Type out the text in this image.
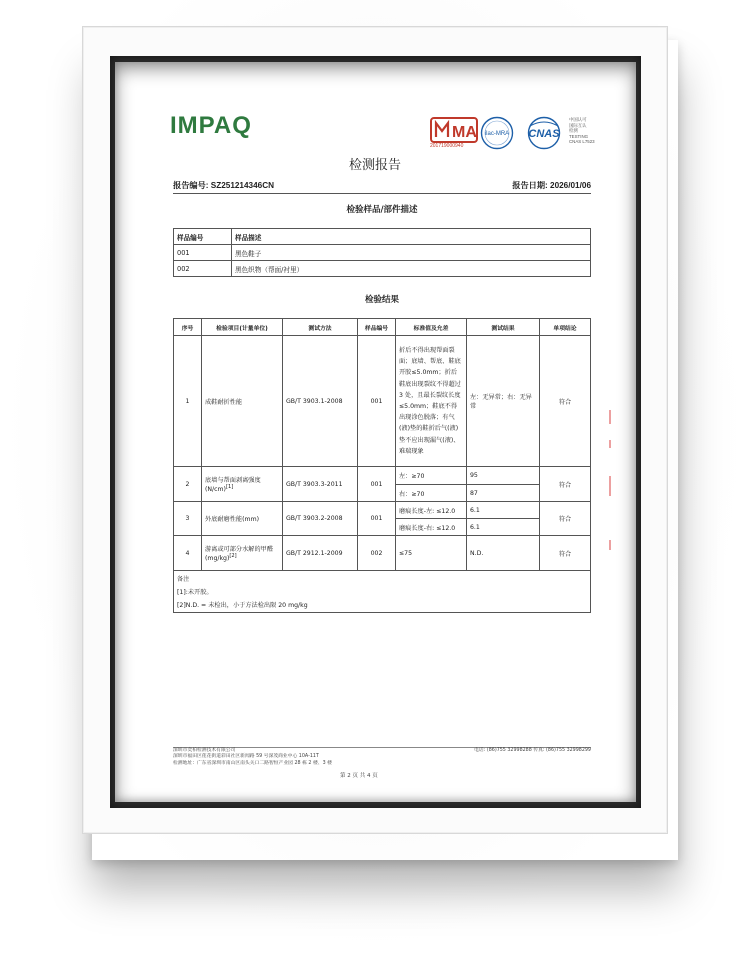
IMPAQ	MA
201719000940
ilac-MRA CNAS
中国认可
国际互认
检测
TESTING
CNAS L7523
检测报告
报告编号: SZ251214346CN	报告日期: 2026/01/06
检验样品/部件描述
样品编号	样品描述
001	黑色鞋子
002	黑色织物（帮面/衬里）
检验结果
序号	检验项目(计量单位)	测试方法	样品编号	标准值及允差	测试结果	单项结论
1	成鞋耐折性能	GB/T 3903.1-2008	001	折后不得出现帮面裂面；底墙、帮底、鞋底开胶≤5.0mm；折后鞋底出现裂纹不得超过 3 处，且最长裂纹长度≤5.0mm；鞋底不得出现涂色脱落；有气(液)垫的鞋折后气(液)垫不应出现漏气(液)、难瑞现象	左：无异常；右：无异常	符合
2	底墙与帮面剥离强度(N/cm)[1]	GB/T 3903.3-2011	001	左：≥70	95	符合
				右：≥70	87	
3	外底耐磨性能(mm)	GB/T 3903.2-2008	001	磨痕长度-左: ≤12.0	6.1	符合
				磨痕长度-右: ≤12.0	6.1	
4	游离或可部分水解的甲醛(mg/kg)[2]	GB/T 2912.1-2009	002	≤75	N.D.	符合
备注
[1]:未开胶。
[2]N.D. = 未检出，小于方法检出限 20 mg/kg
深圳市奕柏检测技术有限公司
深圳市福田区莲花街道彩田社区新闻路 59 号深茂商业中心 10A-11T
检测地址：广东省深圳市南山区南头关口二路智恒产业园 28 栋 2 楼、3 楼
电话: (86)755 32998288 传真: (86)755 32998299
第 2 页 共 4 页
